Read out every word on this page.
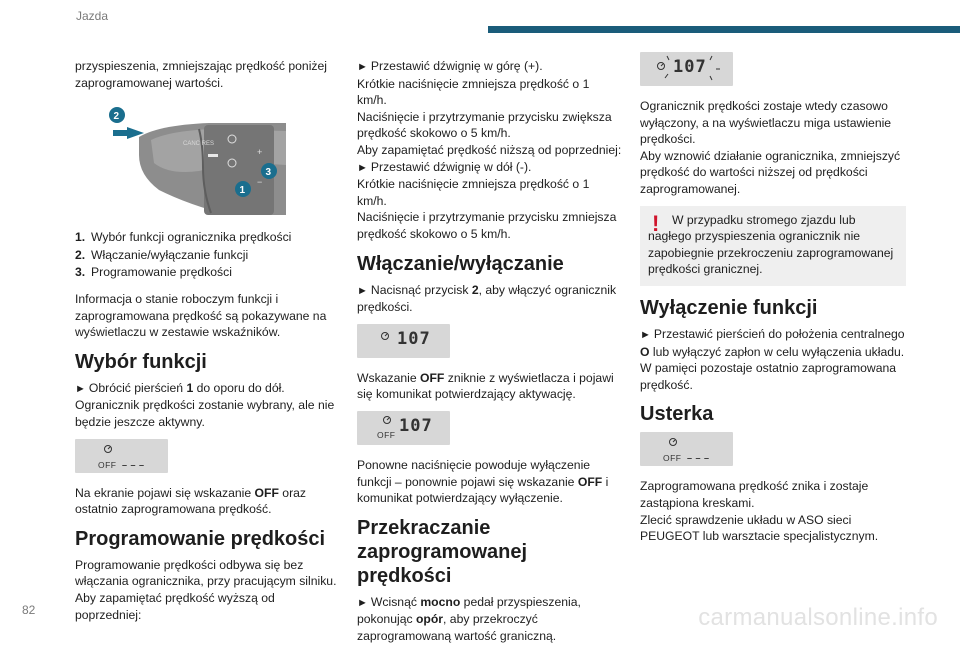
Jazda

przyspieszenia, zmniejszając prędkość poniżej zaprogramowanej wartości.

CANC RES
+
−
2
3
1
1. Wybór funkcji ogranicznika prędkości
2. Włączanie/wyłączanie funkcji
3. Programowanie prędkości

Informacja o stanie roboczym funkcji i zaprogramowana prędkość są pokazywane na wyświetlaczu w zestawie wskaźników.

Wybór funkcji

► Obrócić pierścień 1 do oporu do dół.

Ogranicznik prędkości zostanie wybrany, ale nie będzie jeszcze aktywny.

OFF – – –

Na ekranie pojawi się wskazanie OFF oraz ostatnio zaprogramowana prędkość.

Programowanie prędkości

Programowanie prędkości odbywa się bez włączania ogranicznika, przy pracującym silniku.

Aby zapamiętać prędkość wyższą od poprzedniej:

► Przestawić dźwignię w górę (+).

Krótkie naciśnięcie zmniejsza prędkość o 1 km/h.

Naciśnięcie i przytrzymanie przycisku zwiększa prędkość skokowo o 5 km/h.

Aby zapamiętać prędkość niższą od poprzedniej:

► Przestawić dźwignię w dół (-).

Krótkie naciśnięcie zmniejsza prędkość o 1 km/h.

Naciśnięcie i przytrzymanie przycisku zmniejsza prędkość skokowo o 5 km/h.

Włączanie/wyłączanie

► Nacisnąć przycisk 2, aby włączyć ogranicznik prędkości.

107

Wskazanie OFF zniknie z wyświetlacza i pojawi się komunikat potwierdzający aktywację.

OFF 107

Ponowne naciśnięcie powoduje wyłączenie funkcji – ponownie pojawi się wskazanie OFF i komunikat potwierdzający wyłączenie.

Przekraczanie zaprogramowanej prędkości

► Wcisnąć mocno pedał przyspieszenia, pokonując opór, aby przekroczyć zaprogramowaną wartość graniczną.

107

Ogranicznik prędkości zostaje wtedy czasowo wyłączony, a na wyświetlaczu miga ustawienie prędkości.

Aby wznowić działanie ogranicznika, zmniejszyć prędkość do wartości niższej od prędkości zaprogramowanej.

!	W przypadku stromego zjazdu lub nagłego przyspieszenia ogranicznik nie zapobiegnie przekroczeniu zaprogramowanej prędkości granicznej.
Wyłączenie funkcji

► Przestawić pierścień do położenia centralnego O lub wyłączyć zapłon w celu wyłączenia układu.

W pamięci pozostaje ostatnio zaprogramowana prędkość.

Usterka
OFF – – –

Zaprogramowana prędkość znika i zostaje zastąpiona kreskami.

Zlecić sprawdzenie układu w ASO sieci PEUGEOT lub warsztacie specjalistycznym.

82	carmanualsonline.info
